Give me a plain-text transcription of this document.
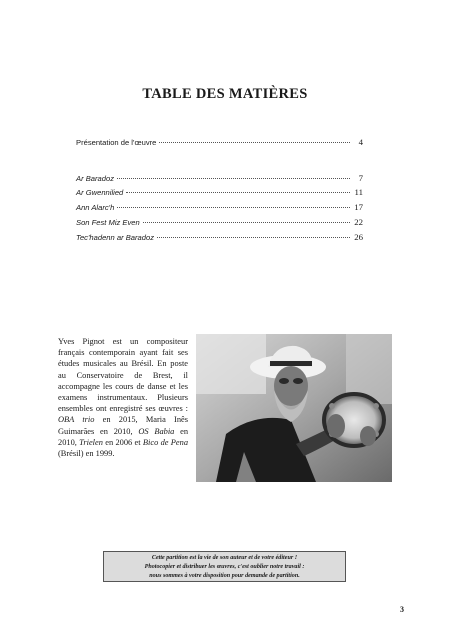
TABLE DES MATIÈRES
Présentation de l'œuvre	4
Ar Baradoz	7
Ar Gwennilied	11
Ann Alarc'h	17
Son Fest Miz Even	22
Tec'hadenn ar Baradoz	26
Yves Pignot est un compositeur français contemporain ayant fait ses études musicales au Brésil. En poste au Conservatoire de Brest, il accompagne les cours de danse et les examens instrumentaux. Plusieurs ensembles ont enregistré ses œuvres : OBA trio en 2015, Maria Inês Guimarães en 2010, OS Babia en 2010, Trielen en 2006 et Bico de Pena (Brésil) en 1999.
Cette partition est la vie de son auteur et de votre éditeur !
Photocopier et distribuer les œuvres, c'est oublier notre travail :
nous sommes à votre disposition pour demande de partition.
3
